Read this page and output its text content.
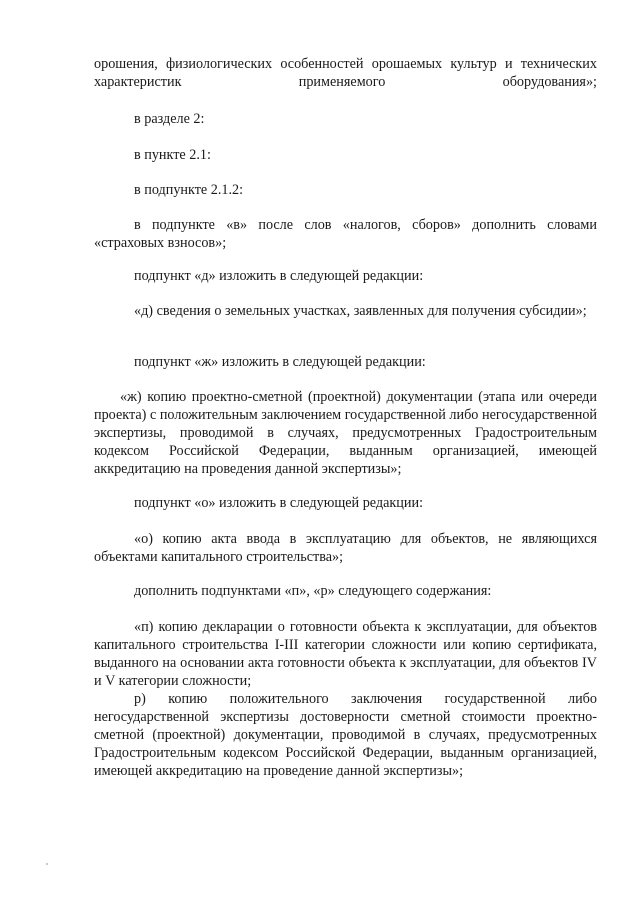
орошения, физиологических особенностей орошаемых культур и технических характеристик применяемого оборудования»;

в разделе 2:

в пункте 2.1:

в подпункте 2.1.2:

в подпункте «в» после слов «налогов, сборов» дополнить словами «страховых взносов»;

подпункт «д» изложить в следующей редакции:

«д) сведения о земельных участках, заявленных для получения субсидии»;

подпункт «ж» изложить в следующей редакции:

«ж) копию проектно-сметной (проектной) документации (этапа или очереди проекта) с положительным заключением государственной либо негосударственной экспертизы, проводимой в случаях, предусмотренных Градостроительным кодексом Российской Федерации, выданным организацией, имеющей аккредитацию на проведения данной экспертизы»;

подпункт «о» изложить в следующей редакции:

«о) копию акта ввода в эксплуатацию для объектов, не являющихся объектами капитального строительства»;

дополнить подпунктами «п», «р» следующего содержания:

«п) копию декларации о готовности объекта к эксплуатации, для объектов капитального строительства I-III категории сложности или копию сертификата, выданного на основании акта готовности объекта к эксплуатации, для объектов IV и V категории сложности;

р) копию положительного заключения государственной либо негосударственной экспертизы достоверности сметной стоимости проектно-сметной (проектной) документации, проводимой в случаях, предусмотренных Градостроительным кодексом Российской Федерации, выданным организацией, имеющей аккредитацию на проведение данной экспертизы»;
